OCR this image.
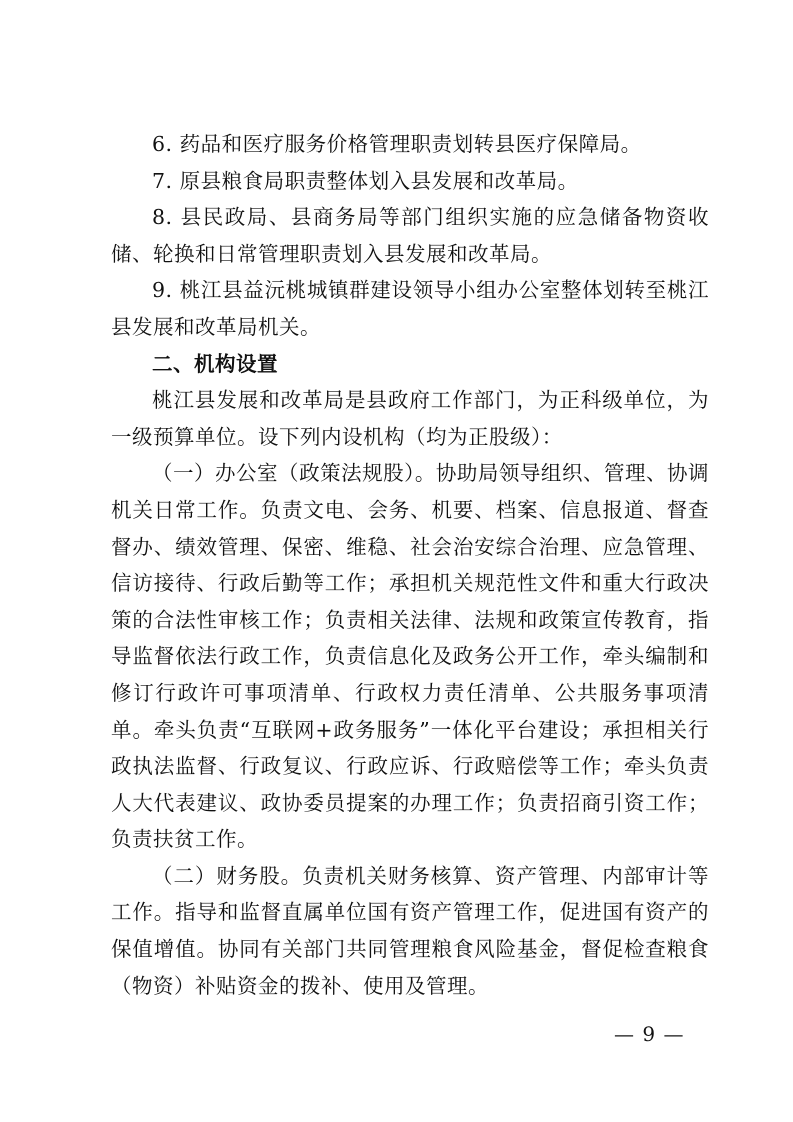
6. 药品和医疗服务价格管理职责划转县医疗保障局。

7. 原县粮食局职责整体划入县发展和改革局。

8. 县民政局、县商务局等部门组织实施的应急储备物资收储、轮换和日常管理职责划入县发展和改革局。

9. 桃江县益沅桃城镇群建设领导小组办公室整体划转至桃江县发展和改革局机关。

二、机构设置

桃江县发展和改革局是县政府工作部门，为正科级单位，为一级预算单位。设下列内设机构（均为正股级）：

（一）办公室（政策法规股）。协助局领导组织、管理、协调机关日常工作。负责文电、会务、机要、档案、信息报道、督查督办、绩效管理、保密、维稳、社会治安综合治理、应急管理、信访接待、行政后勤等工作；承担机关规范性文件和重大行政决策的合法性审核工作；负责相关法律、法规和政策宣传教育，指导监督依法行政工作，负责信息化及政务公开工作，牵头编制和修订行政许可事项清单、行政权力责任清单、公共服务事项清单。牵头负责“互联网+政务服务”一体化平台建设；承担相关行政执法监督、行政复议、行政应诉、行政赔偿等工作；牵头负责人大代表建议、政协委员提案的办理工作；负责招商引资工作；负责扶贫工作。

（二）财务股。负责机关财务核算、资产管理、内部审计等工作。指导和监督直属单位国有资产管理工作，促进国有资产的保值增值。协同有关部门共同管理粮食风险基金，督促检查粮食（物资）补贴资金的拨补、使用及管理。

— 9 —
